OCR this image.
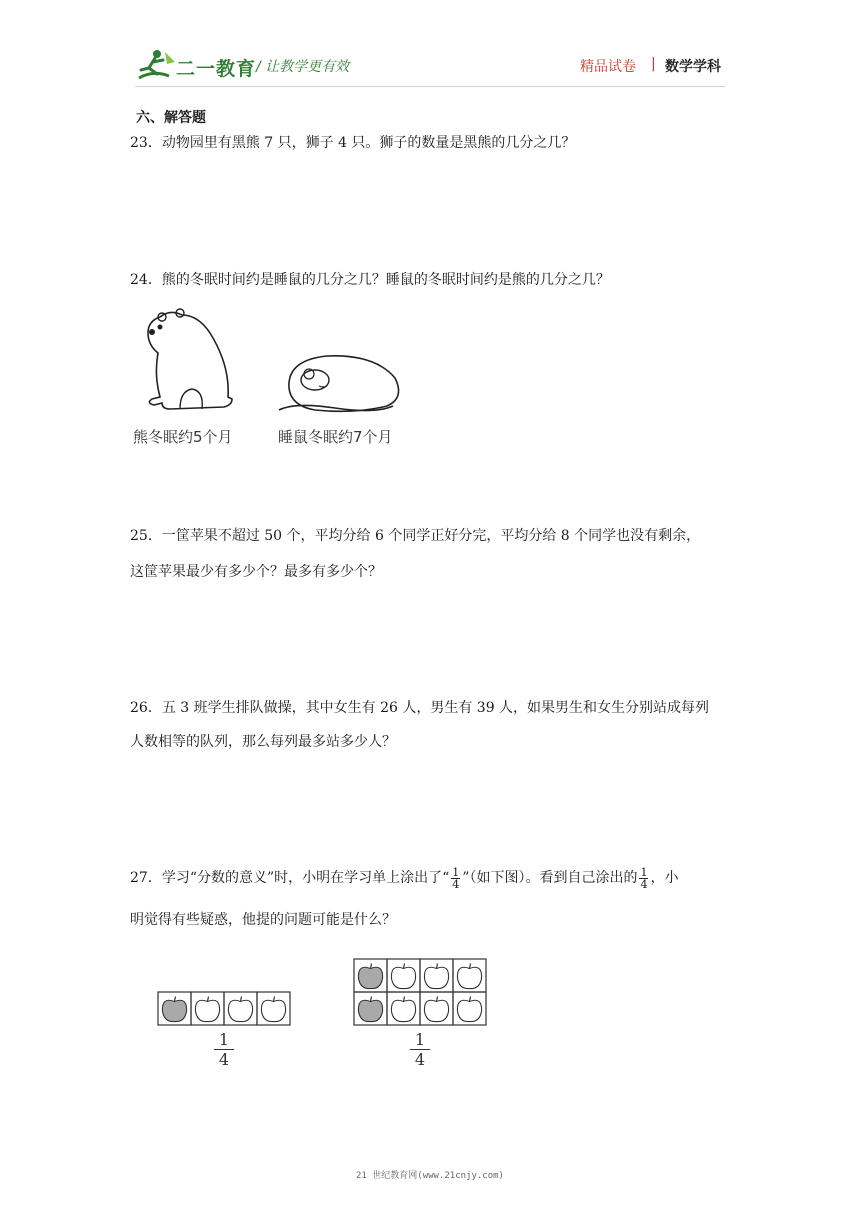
二一教育 / 让教学更有效	精品试卷 | 数学学科
六、解答题
23．动物园里有黑熊 7 只，狮子 4 只。狮子的数量是黑熊的几分之几？
24．熊的冬眠时间约是睡鼠的几分之几？睡鼠的冬眠时间约是熊的几分之几？
熊冬眠约5个月	睡鼠冬眠约7个月
25．一筐苹果不超过 50 个，平均分给 6 个同学正好分完，平均分给 8 个同学也没有剩余，
这筐苹果最少有多少个？最多有多少个？
26．五 3 班学生排队做操，其中女生有 26 人，男生有 39 人，如果男生和女生分别站成每列
人数相等的队列，那么每列最多站多少人？
27．学习“分数的意义”时，小明在学习单上涂出了“ $\frac{1}{4}$ ”（如下图）。看到自己涂出的 $\frac{1}{4}$ ，小
明觉得有些疑惑，他提的问题可能是什么？
1
4
1
4
21 世纪教育网(www.21cnjy.com)
